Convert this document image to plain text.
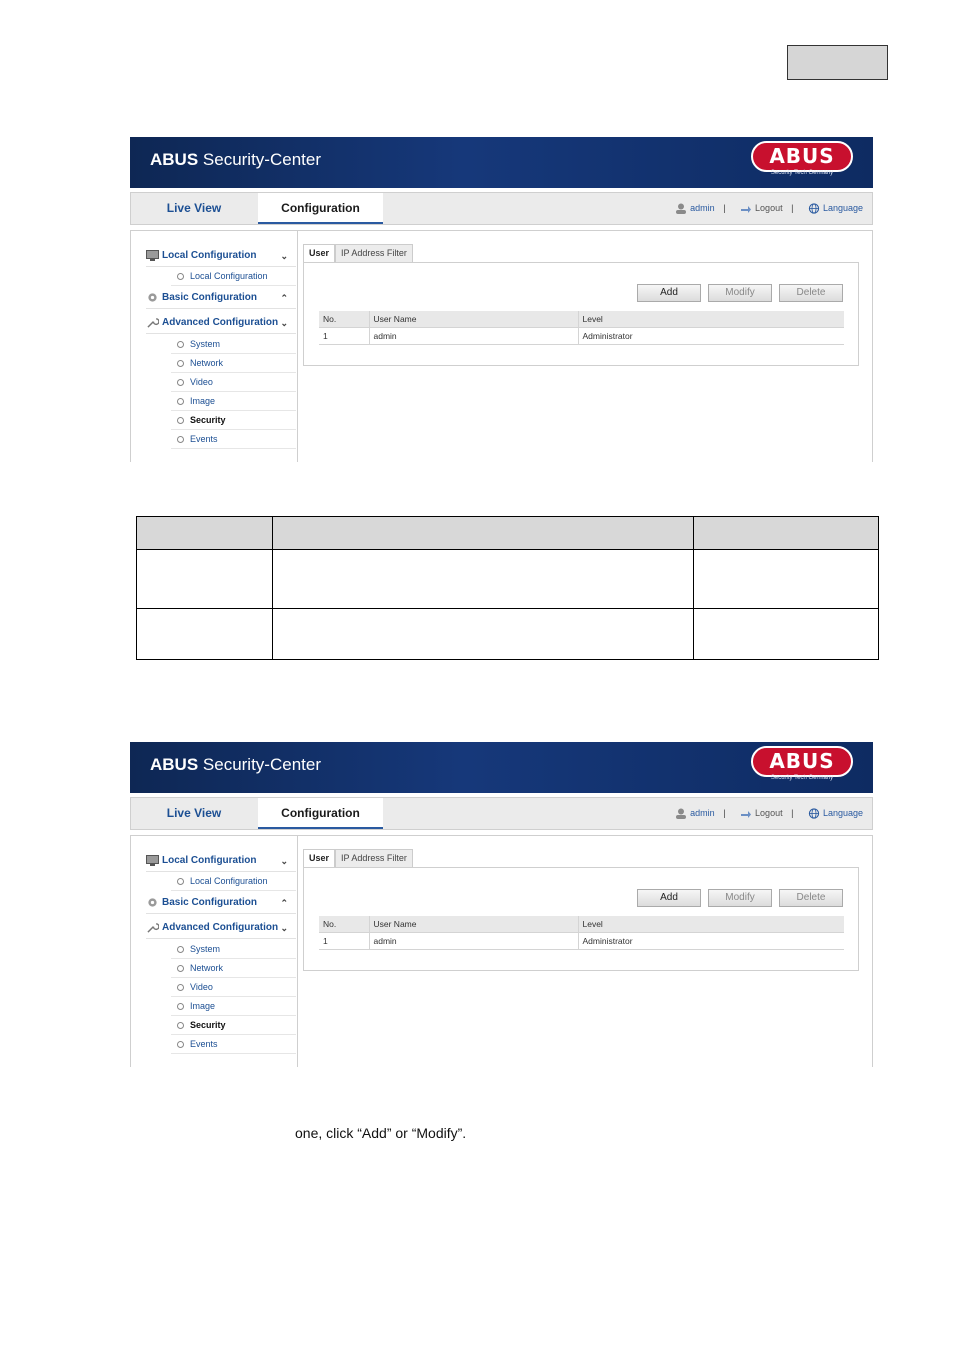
ABUS Security-Center	ABUS
Security Tech Germany
Live View	Configuration	admin |	Logout |	Language
Local Configuration	⌄
Local Configuration
Basic Configuration	⌃
Advanced Configuration ⌄
System
Network
Video
Image
Security
Events
User	IP Address Filter
Add	Modify	Delete
No.	User Name	Level
1	admin	Administrator

ABUS Security-Center	ABUS
Security Tech Germany
Live View	Configuration	admin |	Logout |	Language
Local Configuration	⌄
Local Configuration
Basic Configuration	⌃
Advanced Configuration ⌄
System
Network
Video
Image
Security
Events
User	IP Address Filter
Add	Modify	Delete
No.	User Name	Level
1	admin	Administrator
one, click “Add” or “Modify”.
